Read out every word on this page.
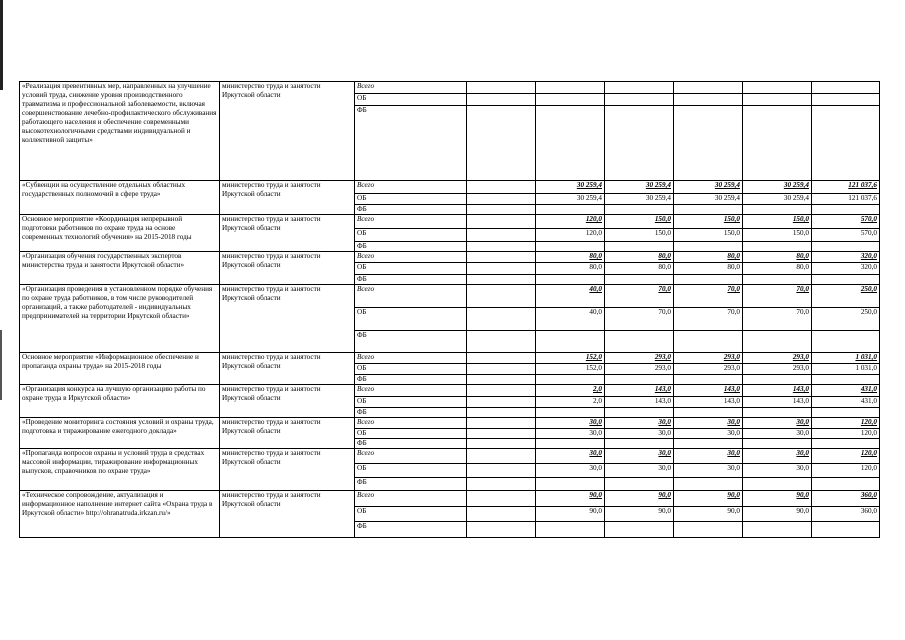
«Реализация превентивных мер, направленных на улучшение условий труда, снижение уровня производственного травматизма и профессиональной заболеваемости, включая совершенствование лечебно-профилактического обслуживания работающего населения и обеспечение современными высокотехнологичными средствами индивидуальной и коллективной защиты»	министерство труда и занятости Иркутской области	Всего						
		ОБ						
		ФБ						
«Субвенции на осуществление отдельных областных государственных полномочий в сфере труда»	министерство труда и занятости Иркутской области	Всего		30 259,4	30 259,4	30 259,4	30 259,4	121 037,6
		ОБ		30 259,4	30 259,4	30 259,4	30 259,4	121 037,6
		ФБ						
Основное мероприятие «Координация непрерывной подготовки работников по охране труда на основе современных технологий обучения» на 2015-2018 годы	министерство труда и занятости Иркутской области	Всего		120,0	150,0	150,0	150,0	570,0
		ОБ		120,0	150,0	150,0	150,0	570,0
		ФБ						
«Организация обучения государственных экспертов министерства труда и занятости Иркутской области»	министерство труда и занятости Иркутской области	Всего		80,0	80,0	80,0	80,0	320,0
		ОБ		80,0	80,0	80,0	80,0	320,0
		ФБ						
«Организация проведения в установленном порядке обучения по охране труда работников, в том числе руководителей организаций, а также работодателей - индивидуальных предпринимателей на территории Иркутской области»	министерство труда и занятости Иркутской области	Всего		40,0	70,0	70,0	70,0	250,0
		ОБ		40,0	70,0	70,0	70,0	250,0
		ФБ						
Основное мероприятие «Информационное обеспечение и пропаганда охраны труда» на 2015-2018 годы	министерство труда и занятости Иркутской области	Всего		152,0	293,0	293,0	293,0	1 031,0
		ОБ		152,0	293,0	293,0	293,0	1 031,0
		ФБ						
«Организация конкурса на лучшую организацию работы по охране труда в Иркутской области»	министерство труда и занятости Иркутской области	Всего		2,0	143,0	143,0	143,0	431,0
		ОБ		2,0	143,0	143,0	143,0	431,0
		ФБ						
«Проведение мониторинга состояния условий и охраны труда, подготовка и тиражирование ежегодного доклада»	министерство труда и занятости Иркутской области	Всего		30,0	30,0	30,0	30,0	120,0
		ОБ		30,0	30,0	30,0	30,0	120,0
		ФБ						
«Пропаганда вопросов охраны и условий труда в средствах массовой информации, тиражирование информационных выпусков, справочников по охране труда»	министерство труда и занятости Иркутской области	Всего		30,0	30,0	30,0	30,0	120,0
		ОБ		30,0	30,0	30,0	30,0	120,0
		ФБ						
«Техническое сопровождение, актуализация и информационное наполнение интернет сайта «Охрана труда в Иркутской области» http://ohranatruda.irkzan.ru/»	министерство труда и занятости Иркутской области	Всего		90,0	90,0	90,0	90,0	360,0
		ОБ		90,0	90,0	90,0	90,0	360,0
		ФБ						
